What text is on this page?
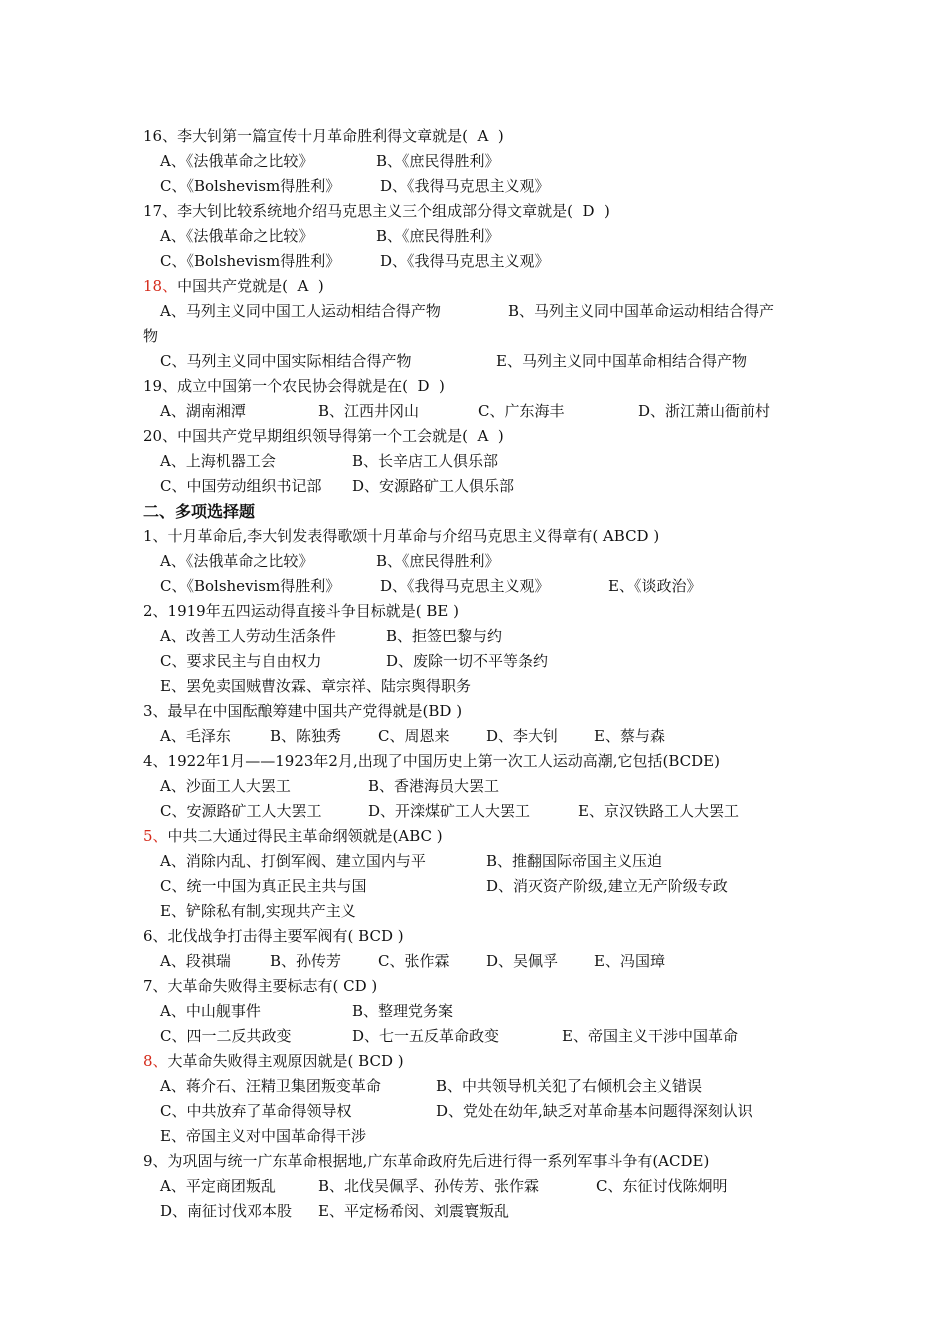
16、李大钊第一篇宣传十月革命胜利得文章就是(  A  )
A、《法俄革命之比较》	B、《庶民得胜利》
C、《Bolshevism得胜利》	D、《我得马克思主义观》
17、李大钊比较系统地介绍马克思主义三个组成部分得文章就是(  D  )
A、《法俄革命之比较》	B、《庶民得胜利》
C、《Bolshevism得胜利》	D、《我得马克思主义观》
18、中国共产党就是(  A  )
A、马列主义同中国工人运动相结合得产物	B、马列主义同中国革命运动相结合得产
物
C、马列主义同中国实际相结合得产物	E、马列主义同中国革命相结合得产物
19、成立中国第一个农民协会得就是在(  D  )
A、湖南湘潭	B、江西井冈山	C、广东海丰	D、浙江萧山衙前村
20、中国共产党早期组织领导得第一个工会就是(  A  )
A、上海机器工会	B、长辛店工人俱乐部
C、中国劳动组织书记部 D、安源路矿工人俱乐部
二、多项选择题
1、十月革命后,李大钊发表得歌颂十月革命与介绍马克思主义得章有( ABCD )
A、《法俄革命之比较》	B、《庶民得胜利》
C、《Bolshevism得胜利》	D、《我得马克思主义观》	E、《谈政治》
2、1919年五四运动得直接斗争目标就是( BE )
A、改善工人劳动生活条件	B、拒签巴黎与约
C、要求民主与自由权力	D、废除一切不平等条约
E、罢免卖国贼曹汝霖、章宗祥、陆宗舆得职务
3、最早在中国酝酿筹建中国共产党得就是(BD )
A、毛泽东	B、陈独秀 C、周恩来 D、李大钊 E、蔡与森
4、1922年1月——1923年2月,出现了中国历史上第一次工人运动高潮,它包括(BCDE)
A、沙面工人大罢工	B、香港海员大罢工
C、安源路矿工人大罢工	D、开滦煤矿工人大罢工	E、京汉铁路工人大罢工
5、中共二大通过得民主革命纲领就是(ABC )
A、消除内乱、打倒军阀、建立国内与平	B、推翻国际帝国主义压迫
C、统一中国为真正民主共与国	D、消灭资产阶级,建立无产阶级专政
E、铲除私有制,实现共产主义
6、北伐战争打击得主要军阀有( BCD )
A、段祺瑞	B、孙传芳 C、张作霖 D、吴佩孚 E、冯国璋
7、大革命失败得主要标志有( CD )
A、中山舰事件	B、整理党务案
C、四一二反共政变	D、七一五反革命政变	E、帝国主义干涉中国革命
8、大革命失败得主观原因就是( BCD )
A、蒋介石、汪精卫集团叛变革命	B、中共领导机关犯了右倾机会主义错误
C、中共放弃了革命得领导权	D、党处在幼年,缺乏对革命基本问题得深刻认识
E、帝国主义对中国革命得干涉
9、为巩固与统一广东革命根据地,广东革命政府先后进行得一系列军事斗争有(ACDE)
A、平定商团叛乱	B、北伐吴佩孚、孙传芳、张作霖	C、东征讨伐陈炯明
D、南征讨伐邓本股 E、平定杨希闵、刘震寰叛乱
